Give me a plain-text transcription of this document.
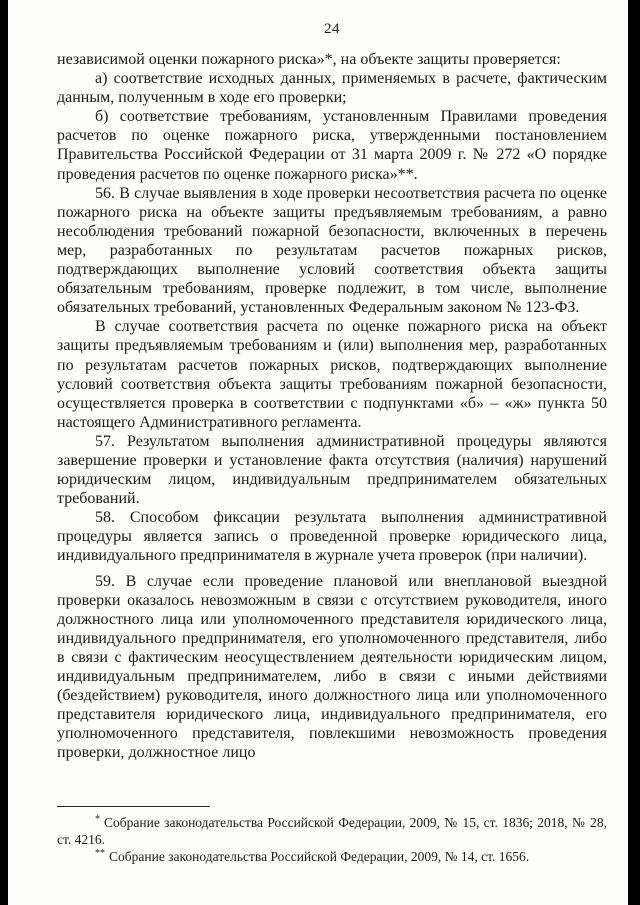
24

независимой оценки пожарного риска»*, на объекте защиты проверяется:

а) соответствие исходных данных, применяемых в расчете, фактическим данным, полученным в ходе его проверки;

б) соответствие требованиям, установленным Правилами проведения расчетов по оценке пожарного риска, утвержденными постановлением Правительства Российской Федерации от 31 марта 2009 г. № 272 «О порядке проведения расчетов по оценке пожарного риска»**.

56. В случае выявления в ходе проверки несоответствия расчета по оценке пожарного риска на объекте защиты предъявляемым требованиям, а равно несоблюдения требований пожарной безопасности, включенных в перечень мер, разработанных по результатам расчетов пожарных рисков, подтверждающих выполнение условий соответствия объекта защиты обязательным требованиям, проверке подлежит, в том числе, выполнение обязательных требований, установленных Федеральным законом № 123-ФЗ.

В случае соответствия расчета по оценке пожарного риска на объект защиты предъявляемым требованиям и (или) выполнения мер, разработанных по результатам расчетов пожарных рисков, подтверждающих выполнение условий соответствия объекта защиты требованиям пожарной безопасности, осуществляется проверка в соответствии с подпунктами «б» – «ж» пункта 50 настоящего Административного регламента.

57. Результатом выполнения административной процедуры являются завершение проверки и установление факта отсутствия (наличия) нарушений юридическим лицом, индивидуальным предпринимателем обязательных требований.

58. Способом фиксации результата выполнения административной процедуры является запись о проведенной проверке юридического лица, индивидуального предпринимателя в журнале учета проверок (при наличии).

59. В случае если проведение плановой или внеплановой выездной проверки оказалось невозможным в связи с отсутствием руководителя, иного должностного лица или уполномоченного представителя юридического лица, индивидуального предпринимателя, его уполномоченного представителя, либо в связи с фактическим неосуществлением деятельности юридическим лицом, индивидуальным предпринимателем, либо в связи с иными действиями (бездействием) руководителя, иного должностного лица или уполномоченного представителя юридического лица, индивидуального предпринимателя, его уполномоченного представителя, повлекшими невозможность проведения проверки, должностное лицо

* Собрание законодательства Российской Федерации, 2009, № 15, ст. 1836; 2018, № 28, ст. 4216.

** Собрание законодательства Российской Федерации, 2009, № 14, ст. 1656.
